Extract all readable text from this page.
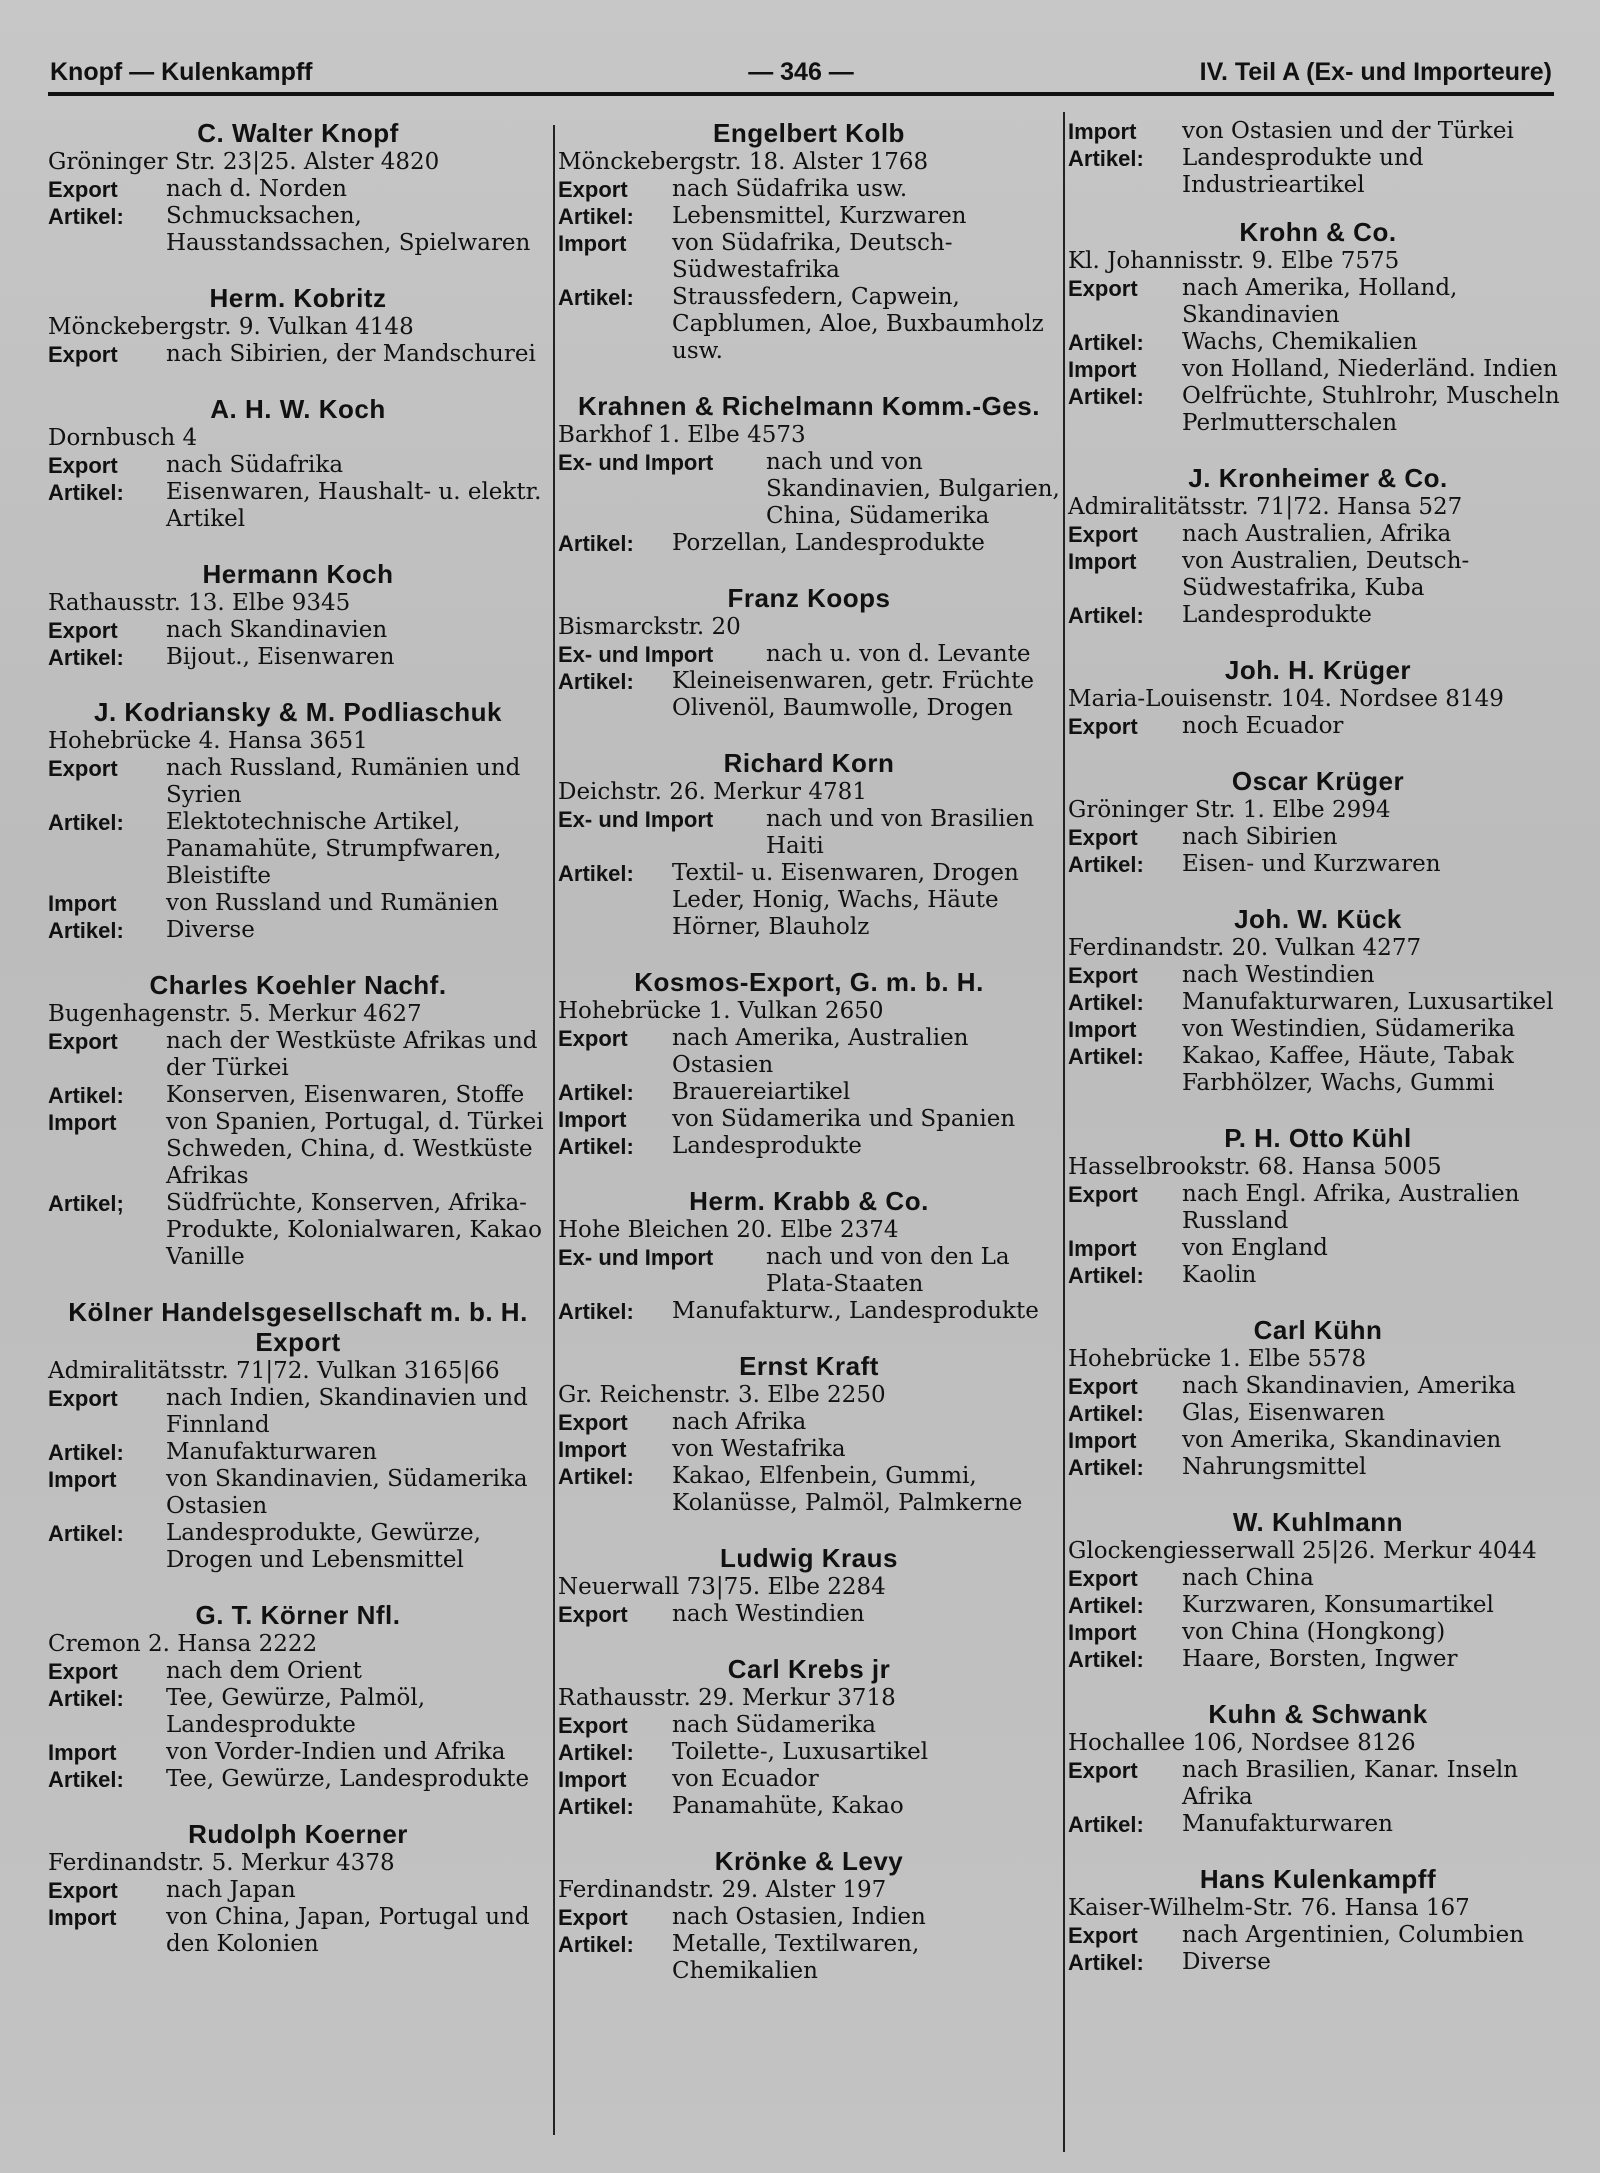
Knopf — Kulenkampff	— 346 —	IV. Teil A (Ex- und Importeure)
C. Walter Knopf
Gröninger Str. 23|25. Alster 4820
Export	nach d. Norden
Artikel:	Schmucksachen, Hausstandssachen, Spielwaren
Herm. Kobritz
Mönckebergstr. 9. Vulkan 4148
Export	nach Sibirien, der Mandschurei
A. H. W. Koch
Dornbusch 4
Export	nach Südafrika
Artikel:	Eisenwaren, Haushalt- u. elektr. Artikel
Hermann Koch
Rathausstr. 13. Elbe 9345
Export	nach Skandinavien
Artikel:	Bijout., Eisenwaren
J. Kodriansky & M. Podliaschuk
Hohebrücke 4. Hansa 3651
Export	nach Russland, Rumänien und Syrien
Artikel:	Elektotechnische Artikel, Panamahüte, Strumpfwaren, Bleistifte
Import	von Russland und Rumänien
Artikel:	Diverse
Charles Koehler Nachf.
Bugenhagenstr. 5. Merkur 4627
Export	nach der Westküste Afrikas und der Türkei
Artikel:	Konserven, Eisenwaren, Stoffe
Import	von Spanien, Portugal, d. Türkei Schweden, China, d. Westküste Afrikas
Artikel;	Südfrüchte, Konserven, Afrika-Produkte, Kolonialwaren, Kakao Vanille
Kölner Handelsgesellschaft m. b. H. Export
Admiralitätsstr. 71|72. Vulkan 3165|66
Export	nach Indien, Skandinavien und Finnland
Artikel:	Manufakturwaren
Import	von Skandinavien, Südamerika Ostasien
Artikel:	Landesprodukte, Gewürze, Drogen und Lebensmittel
G. T. Körner Nfl.
Cremon 2. Hansa 2222
Export	nach dem Orient
Artikel:	Tee, Gewürze, Palmöl, Landesprodukte
Import	von Vorder-Indien und Afrika
Artikel:	Tee, Gewürze, Landesprodukte
Rudolph Koerner
Ferdinandstr. 5. Merkur 4378
Export	nach Japan
Import	von China, Japan, Portugal und den Kolonien
Engelbert Kolb
Mönckebergstr. 18. Alster 1768
Export	nach Südafrika usw.
Artikel:	Lebensmittel, Kurzwaren
Import	von Südafrika, Deutsch-Südwestafrika
Artikel:	Straussfedern, Capwein, Capblumen, Aloe, Buxbaumholz usw.
Krahnen & Richelmann Komm.-Ges.
Barkhof 1. Elbe 4573
Ex- und Import	nach und von Skandinavien, Bulgarien, China, Südamerika
Artikel:	Porzellan, Landesprodukte
Franz Koops
Bismarckstr. 20
Ex- und Import	nach u. von d. Levante
Artikel:	Kleineisenwaren, getr. Früchte Olivenöl, Baumwolle, Drogen
Richard Korn
Deichstr. 26. Merkur 4781
Ex- und Import	nach und von Brasilien Haiti
Artikel:	Textil- u. Eisenwaren, Drogen Leder, Honig, Wachs, Häute Hörner, Blauholz
Kosmos-Export, G. m. b. H.
Hohebrücke 1. Vulkan 2650
Export	nach Amerika, Australien Ostasien
Artikel:	Brauereiartikel
Import	von Südamerika und Spanien
Artikel:	Landesprodukte
Herm. Krabb & Co.
Hohe Bleichen 20. Elbe 2374
Ex- und Import	nach und von den La Plata-Staaten
Artikel:	Manufakturw., Landesprodukte
Ernst Kraft
Gr. Reichenstr. 3. Elbe 2250
Export	nach Afrika
Import	von Westafrika
Artikel:	Kakao, Elfenbein, Gummi, Kolanüsse, Palmöl, Palmkerne
Ludwig Kraus
Neuerwall 73|75. Elbe 2284
Export	nach Westindien
Carl Krebs jr
Rathausstr. 29. Merkur 3718
Export	nach Südamerika
Artikel:	Toilette-, Luxusartikel
Import	von Ecuador
Artikel:	Panamahüte, Kakao
Krönke & Levy
Ferdinandstr. 29. Alster 197
Export	nach Ostasien, Indien
Artikel:	Metalle, Textilwaren, Chemikalien
Import	von Ostasien und der Türkei
Artikel:	Landesprodukte und Industrieartikel
Krohn & Co.
Kl. Johannisstr. 9. Elbe 7575
Export	nach Amerika, Holland, Skandinavien
Artikel:	Wachs, Chemikalien
Import	von Holland, Niederländ. Indien
Artikel:	Oelfrüchte, Stuhlrohr, Muscheln Perlmutterschalen
J. Kronheimer & Co.
Admiralitätsstr. 71|72. Hansa 527
Export	nach Australien, Afrika
Import	von Australien, Deutsch-Südwestafrika, Kuba
Artikel:	Landesprodukte
Joh. H. Krüger
Maria-Louisenstr. 104. Nordsee 8149
Export	noch Ecuador
Oscar Krüger
Gröninger Str. 1. Elbe 2994
Export	nach Sibirien
Artikel:	Eisen- und Kurzwaren
Joh. W. Kück
Ferdinandstr. 20. Vulkan 4277
Export	nach Westindien
Artikel:	Manufakturwaren, Luxusartikel
Import	von Westindien, Südamerika
Artikel:	Kakao, Kaffee, Häute, Tabak Farbhölzer, Wachs, Gummi
P. H. Otto Kühl
Hasselbrookstr. 68. Hansa 5005
Export	nach Engl. Afrika, Australien Russland
Import	von England
Artikel:	Kaolin
Carl Kühn
Hohebrücke 1. Elbe 5578
Export	nach Skandinavien, Amerika
Artikel:	Glas, Eisenwaren
Import	von Amerika, Skandinavien
Artikel:	Nahrungsmittel
W. Kuhlmann
Glockengiesserwall 25|26. Merkur 4044
Export	nach China
Artikel:	Kurzwaren, Konsumartikel
Import	von China (Hongkong)
Artikel:	Haare, Borsten, Ingwer
Kuhn & Schwank
Hochallee 106, Nordsee 8126
Export	nach Brasilien, Kanar. Inseln Afrika
Artikel:	Manufakturwaren
Hans Kulenkampff
Kaiser-Wilhelm-Str. 76. Hansa 167
Export	nach Argentinien, Columbien
Artikel:	Diverse
